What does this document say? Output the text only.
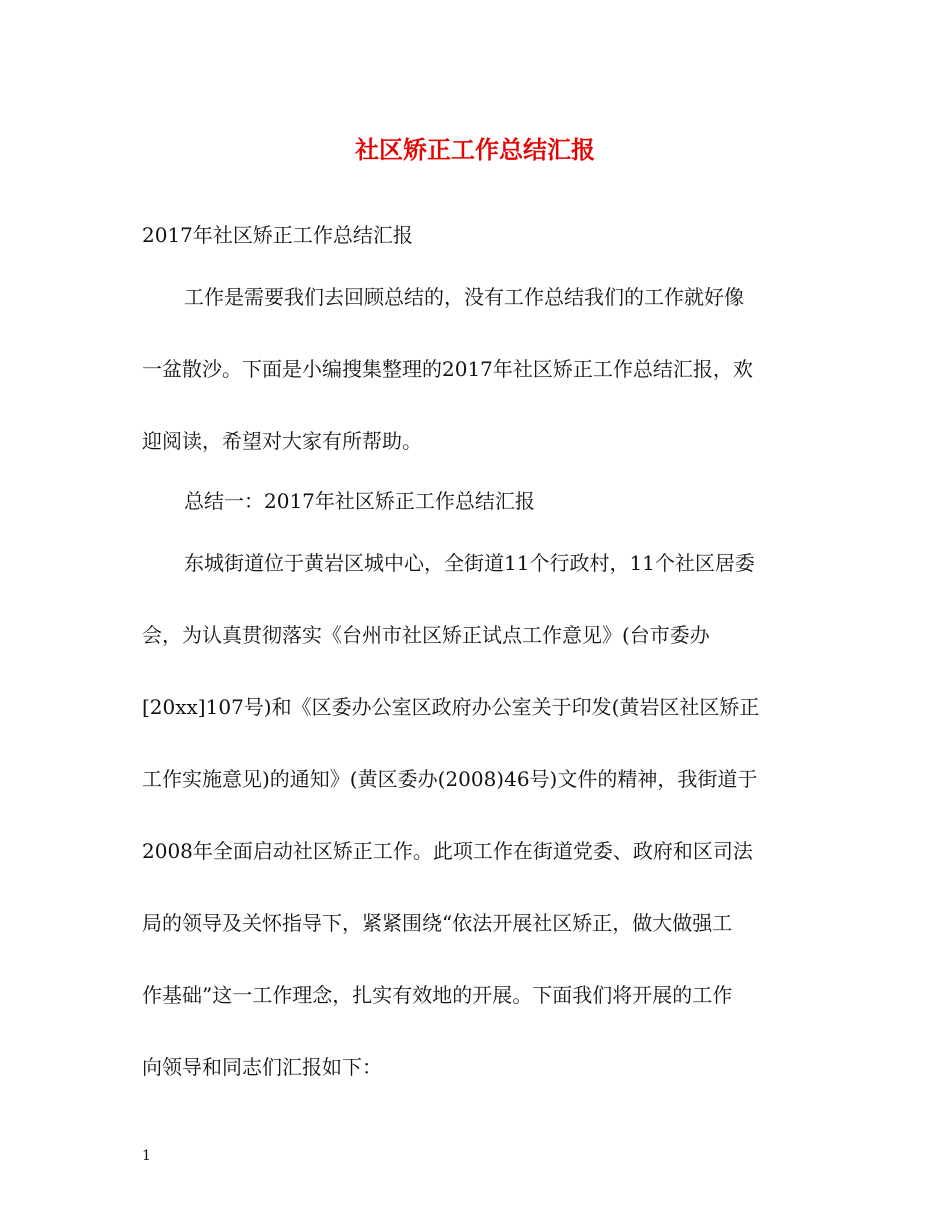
社区矫正工作总结汇报
2017年社区矫正工作总结汇报
工作是需要我们去回顾总结的，没有工作总结我们的工作就好像
一盆散沙。下面是小编搜集整理的2017年社区矫正工作总结汇报，欢
迎阅读，希望对大家有所帮助。
总结一：2017年社区矫正工作总结汇报
东城街道位于黄岩区城中心，全街道11个行政村，11个社区居委
会，为认真贯彻落实《台州市社区矫正试点工作意见》(台市委办
[20xx]107号)和《区委办公室区政府办公室关于印发(黄岩区社区矫正
工作实施意见)的通知》(黄区委办(2008)46号)文件的精神，我街道于
2008年全面启动社区矫正工作。此项工作在街道党委、政府和区司法
局的领导及关怀指导下，紧紧围绕“依法开展社区矫正，做大做强工
作基础”这一工作理念，扎实有效地的开展。下面我们将开展的工作
向领导和同志们汇报如下：
1
